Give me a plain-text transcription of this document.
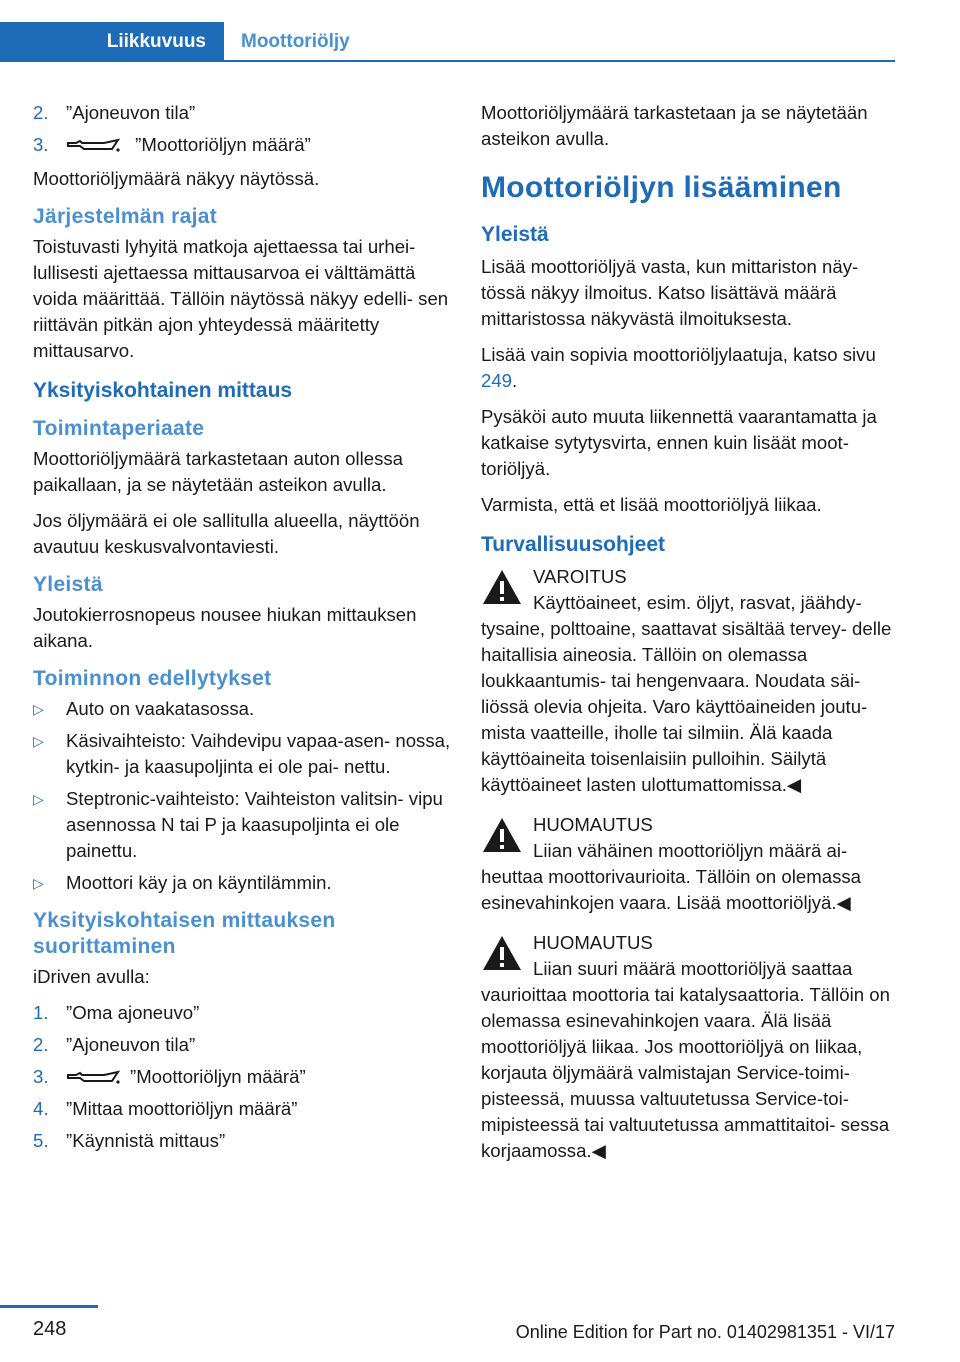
Liikkuvuus	Moottoriöljy
2. ”Ajoneuvon tila”
3.	”Moottoriöljyn määrä”

Moottoriöljymäärä näkyy näytössä.

Järjestelmän rajat

Toistuvasti lyhyitä matkoja ajettaessa tai urhei‐ lullisesti ajettaessa mittausarvoa ei välttämättä voida määrittää. Tällöin näytössä näkyy edelli‐ sen riittävän pitkän ajon yhteydessä määritetty mittausarvo.

Yksityiskohtainen mittaus
Toimintaperiaate

Moottoriöljymäärä tarkastetaan auton ollessa paikallaan, ja se näytetään asteikon avulla.

Jos öljymäärä ei ole sallitulla alueella, näyttöön avautuu keskusvalvontaviesti.

Yleistä

Joutokierrosnopeus nousee hiukan mittauksen aikana.

Toiminnon edellytykset
▷ Auto on vaakatasossa.
▷ Käsivaihteisto: Vaihdevipu vapaa-asen‐ nossa, kytkin- ja kaasupoljinta ei ole pai‐ nettu.
▷ Steptronic-vaihteisto: Vaihteiston valitsin‐ vipu asennossa N tai P ja kaasupoljinta ei ole painettu.
▷ Moottori käy ja on käyntilämmin.
Yksityiskohtaisen mittauksen suorittaminen

iDriven avulla:

1. ”Oma ajoneuvo”
2. ”Ajoneuvon tila”
3.	”Moottoriöljyn määrä”
4. ”Mittaa moottoriöljyn määrä”
5. ”Käynnistä mittaus”

Moottoriöljymäärä tarkastetaan ja se näytetään asteikon avulla.

Moottoriöljyn lisääminen
Yleistä

Lisää moottoriöljyä vasta, kun mittariston näy‐ tössä näkyy ilmoitus. Katso lisättävä määrä mittaristossa näkyvästä ilmoituksesta.

Lisää vain sopivia moottoriöljylaatuja, katso sivu 249.

Pysäköi auto muuta liikennettä vaarantamatta ja katkaise sytytysvirta, ennen kuin lisäät moot‐ toriöljyä.

Varmista, että et lisää moottoriöljyä liikaa.

Turvallisuusohjeet
VAROITUS
Käyttöaineet, esim. öljyt, rasvat, jäähdy‐ tysaine, polttoaine, saattavat sisältää tervey‐ delle haitallisia aineosia. Tällöin on olemassa loukkaantumis- tai hengenvaara. Noudata säi‐ liössä olevia ohjeita. Varo käyttöaineiden joutu‐ mista vaatteille, iholle tai silmiin. Älä kaada käyttöaineita toisenlaisiin pulloihin. Säilytä käyttöaineet lasten ulottumattomissa.◀
HUOMAUTUS
Liian vähäinen moottoriöljyn määrä ai‐ heuttaa moottorivaurioita. Tällöin on olemassa esinevahinkojen vaara. Lisää moottoriöljyä.◀
HUOMAUTUS
Liian suuri määrä moottoriöljyä saattaa vaurioittaa moottoria tai katalysaattoria. Tällöin on olemassa esinevahinkojen vaara. Älä lisää moottoriöljyä liikaa. Jos moottoriöljyä on liikaa, korjauta öljymäärä valmistajan Service-toimi‐ pisteessä, muussa valtuutetussa Service-toi‐ mipisteessä tai valtuutetussa ammattitaitoi‐ sessa korjaamossa.◀
248	Online Edition for Part no. 01402981351 - VI/17
